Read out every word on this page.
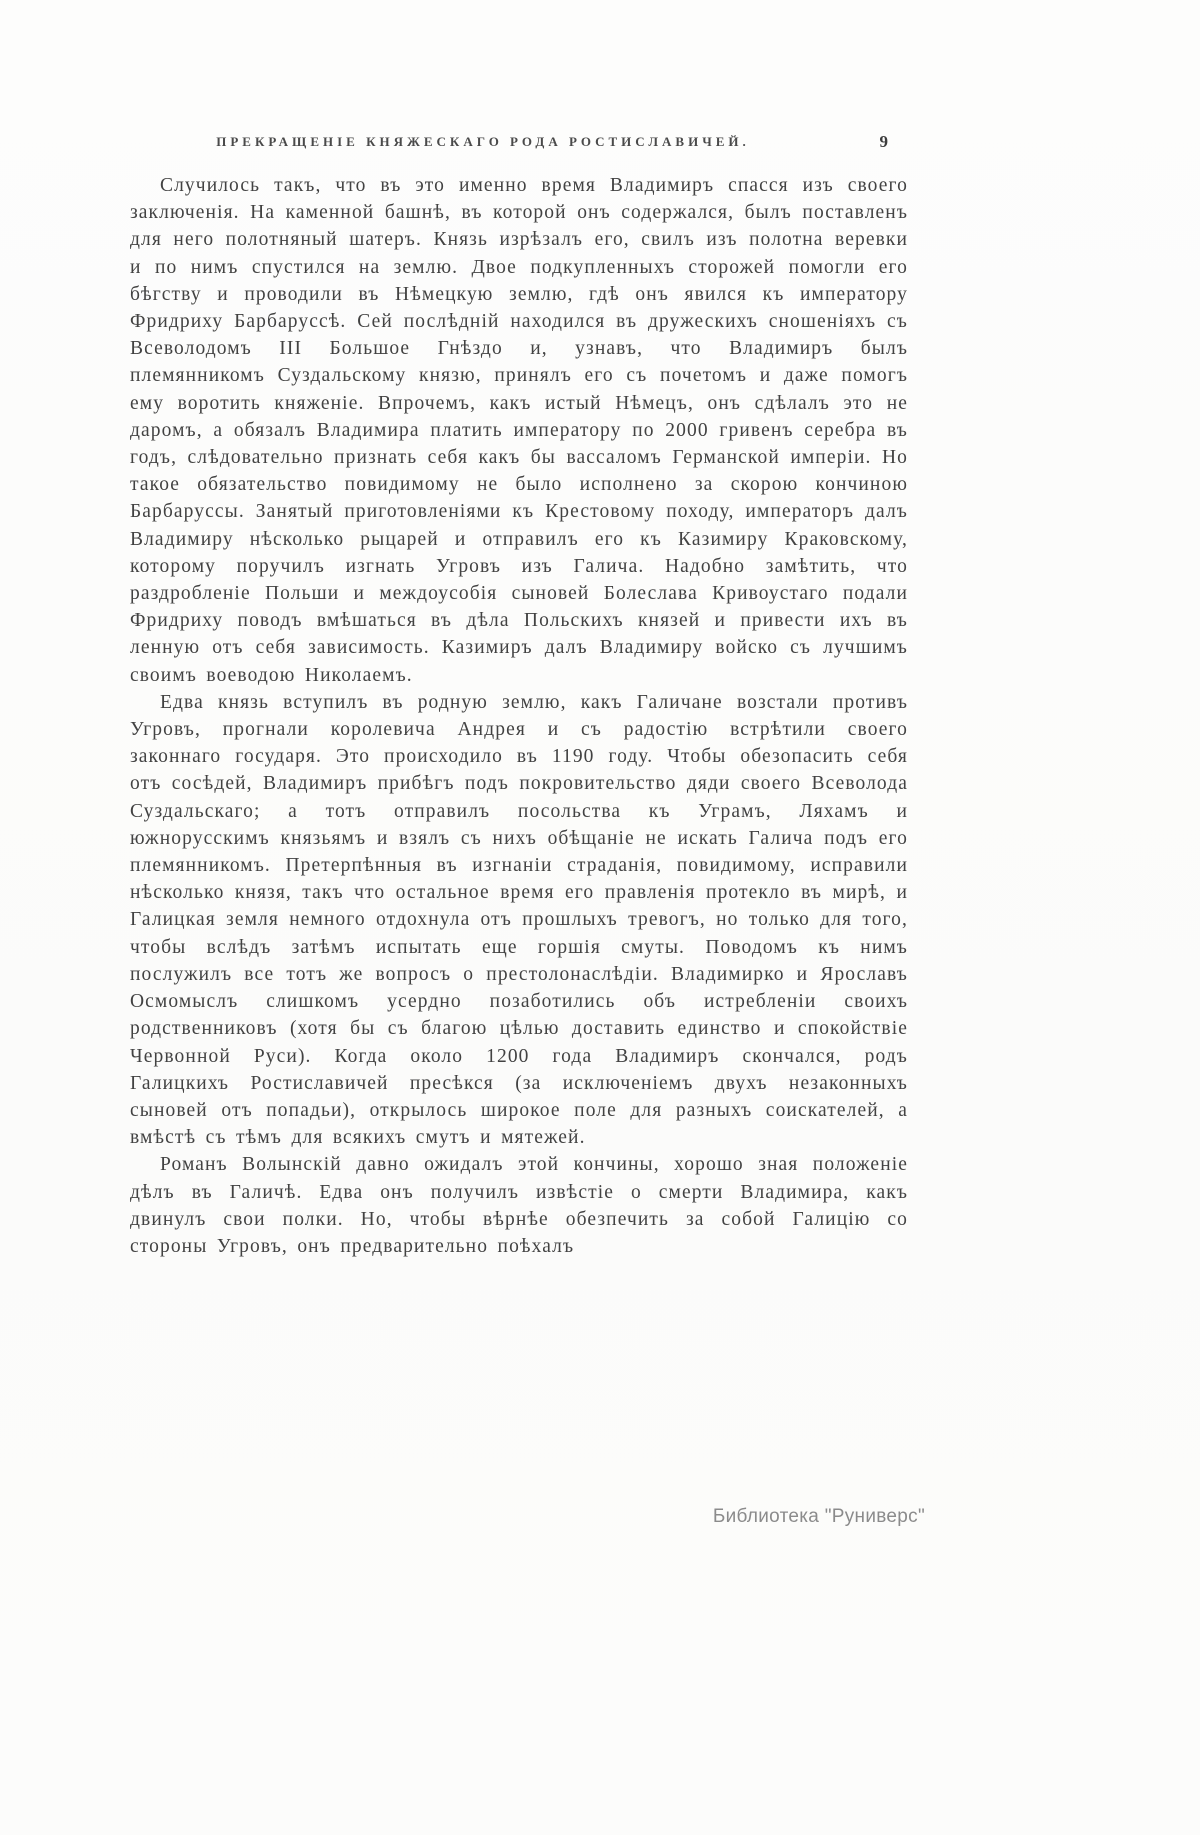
ПРЕКРАЩЕНІЕ КНЯЖЕСКАГО РОДА РОСТИСЛАВИЧЕЙ.	9

Случилось такъ, что въ это именно время Владимиръ спасся изъ своего заключенія. На каменной башнѣ, въ которой онъ содержался, былъ поставленъ для него полотняный шатеръ. Князь изрѣзалъ его, свилъ изъ полотна веревки и по нимъ спустился на землю. Двое подкупленныхъ сторожей помогли его бѣгству и проводили въ Нѣмецкую землю, гдѣ онъ явился къ императору Фридриху Барбаруссѣ. Сей послѣдній находился въ дружескихъ сношеніяхъ съ Всеволодомъ III Большое Гнѣздо и, узнавъ, что Владимиръ былъ племянникомъ Суздальскому князю, принялъ его съ почетомъ и даже помогъ ему воротить княженіе. Впрочемъ, какъ истый Нѣмецъ, онъ сдѣлалъ это не даромъ, а обязалъ Владимира платить императору по 2000 гривенъ серебра въ годъ, слѣдовательно признать себя какъ бы вассаломъ Германской имперіи. Но такое обязательство повидимому не было исполнено за скорою кончиною Барбаруссы. Занятый приготовленіями къ Крестовому походу, императоръ далъ Владимиру нѣсколько рыцарей и отправилъ его къ Казимиру Краковскому, которому поручилъ изгнать Угровъ изъ Галича. Надобно замѣтить, что раздробленіе Польши и междоусобія сыновей Болеслава Кривоустаго подали Фридриху поводъ вмѣшаться въ дѣла Польскихъ князей и привести ихъ въ ленную отъ себя зависимость. Казимиръ далъ Владимиру войско съ лучшимъ своимъ воеводою Николаемъ.

Едва князь вступилъ въ родную землю, какъ Галичане возстали противъ Угровъ, прогнали королевича Андрея и съ радостію встрѣтили своего законнаго государя. Это происходило въ 1190 году. Чтобы обезопасить себя отъ сосѣдей, Владимиръ прибѣгъ подъ покровительство дяди своего Всеволода Суздальскаго; а тотъ отправилъ посольства къ Уграмъ, Ляхамъ и южнорусскимъ князьямъ и взялъ съ нихъ обѣщаніе не искать Галича подъ его племянникомъ. Претерпѣнныя въ изгнаніи страданія, повидимому, исправили нѣсколько князя, такъ что остальное время его правленія протекло въ мирѣ, и Галицкая земля немного отдохнула отъ прошлыхъ тревогъ, но только для того, чтобы вслѣдъ затѣмъ испытать еще горшія смуты. Поводомъ къ нимъ послужилъ все тотъ же вопросъ о престолонаслѣдіи. Владимирко и Ярославъ Осмомыслъ слишкомъ усердно позаботились объ истребленіи своихъ родственниковъ (хотя бы съ благою цѣлью доставить единство и спокойствіе Червонной Руси). Когда около 1200 года Владимиръ скончался, родъ Галицкихъ Ростиславичей пресѣкся (за исключеніемъ двухъ незаконныхъ сыновей отъ попадьи), открылось широкое поле для разныхъ соискателей, а вмѣстѣ съ тѣмъ для всякихъ смутъ и мятежей.

Романъ Волынскій давно ожидалъ этой кончины, хорошо зная положеніе дѣлъ въ Галичѣ. Едва онъ получилъ извѣстіе о смерти Владимира, какъ двинулъ свои полки. Но, чтобы вѣрнѣе обезпечить за собой Галицію со стороны Угровъ, онъ предварительно поѣхалъ

Библиотека "Руниверс"
